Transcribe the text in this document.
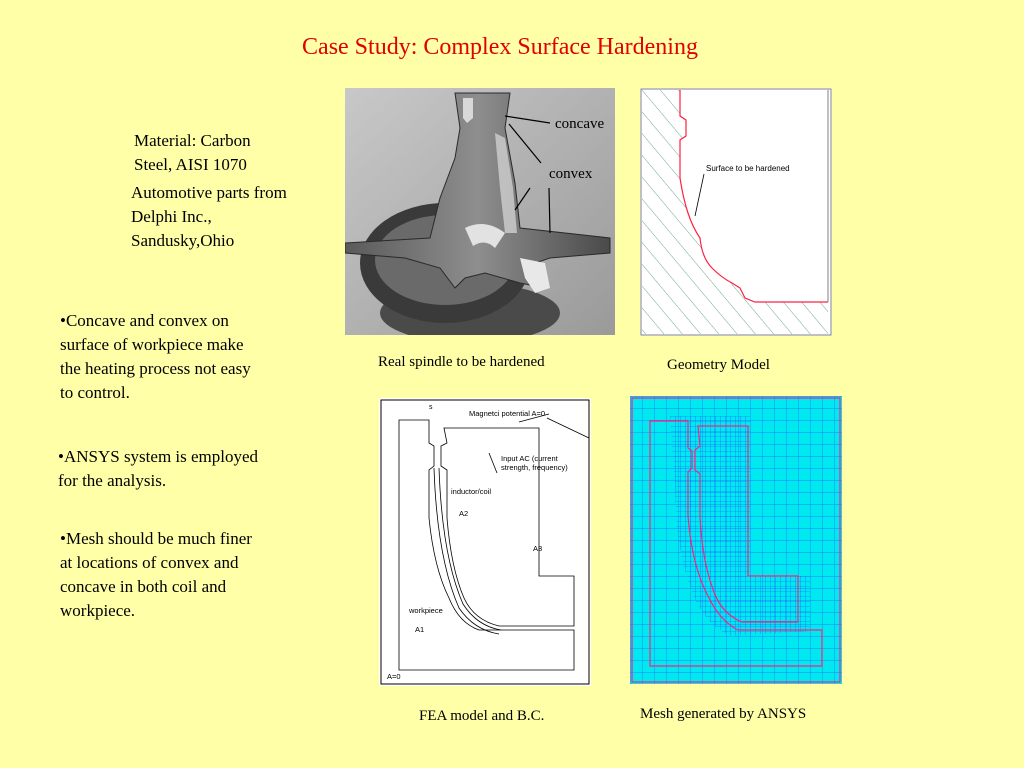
Case Study: Complex Surface Hardening
Material: Carbon
Steel, AISI 1070
Automotive parts from
Delphi Inc.,
Sandusky,Ohio
•Concave and convex on
surface of workpiece make
the heating process not easy
to control.
•ANSYS system is employed
for the analysis.
•Mesh should be much finer
at locations of convex and
concave in both coil and
workpiece.
concave
convex
Real spindle to be hardened
Surface to be hardened
Geometry Model
s
Magnetci potential A=0
Input AC (current
strength, frequency)
inductor/coil
A2
A3
workpiece
A1
A=0
FEA model and B.C.	Mesh generated by ANSYS
